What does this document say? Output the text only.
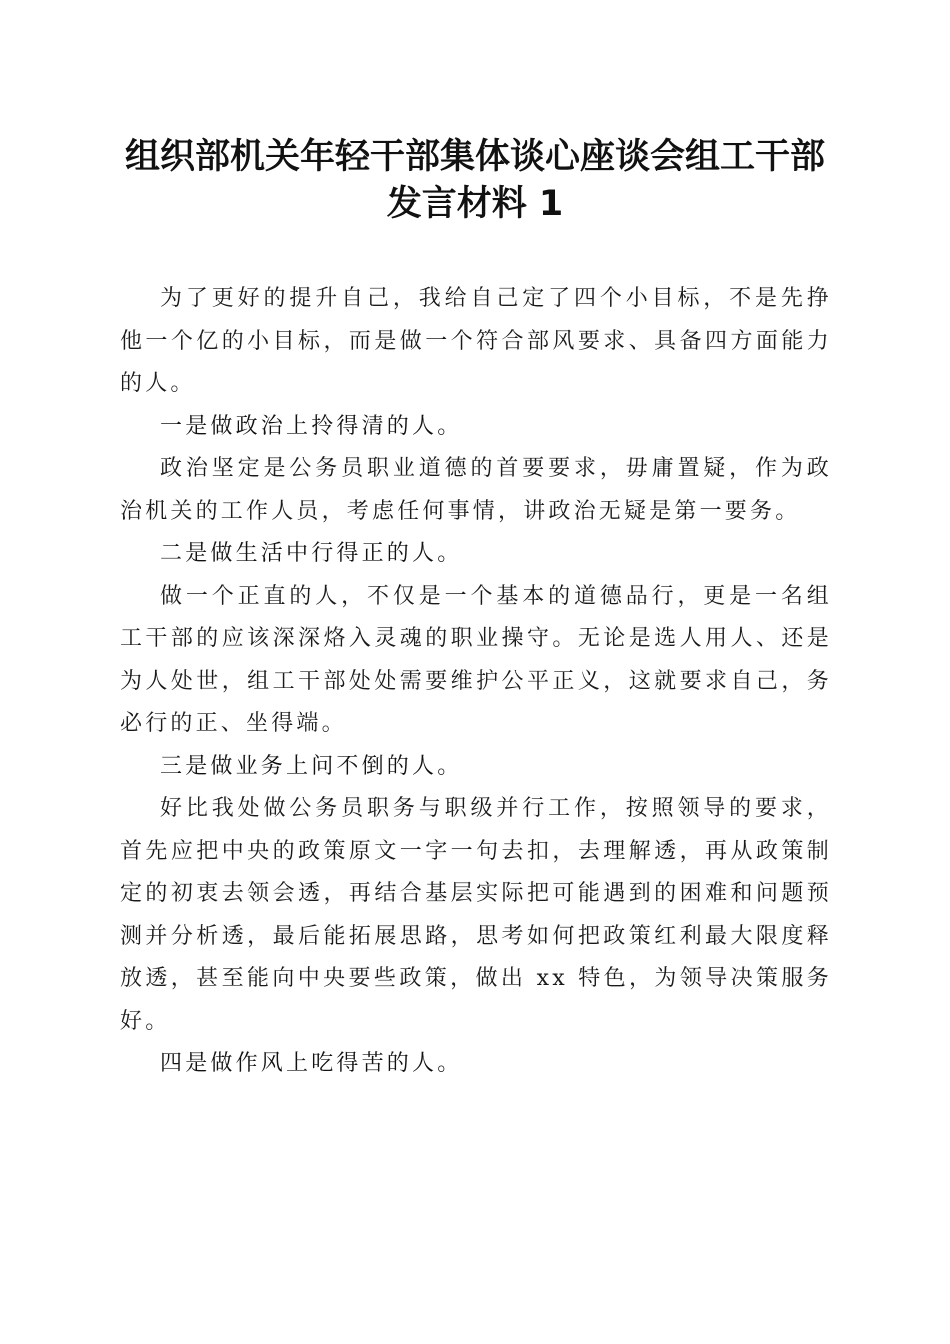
组织部机关年轻干部集体谈心座谈会组工干部
发言材料 1

为了更好的提升自己，我给自己定了四个小目标，不是先挣他一个亿的小目标，而是做一个符合部风要求、具备四方面能力的人。

一是做政治上拎得清的人。

政治坚定是公务员职业道德的首要要求，毋庸置疑，作为政治机关的工作人员，考虑任何事情，讲政治无疑是第一要务。

二是做生活中行得正的人。

做一个正直的人，不仅是一个基本的道德品行，更是一名组工干部的应该深深烙入灵魂的职业操守。无论是选人用人、还是为人处世，组工干部处处需要维护公平正义，这就要求自己，务必行的正、坐得端。

三是做业务上问不倒的人。

好比我处做公务员职务与职级并行工作，按照领导的要求，首先应把中央的政策原文一字一句去扣，去理解透，再从政策制定的初衷去领会透，再结合基层实际把可能遇到的困难和问题预测并分析透，最后能拓展思路，思考如何把政策红利最大限度释放透，甚至能向中央要些政策，做出 xx 特色，为领导决策服务好。

四是做作风上吃得苦的人。
